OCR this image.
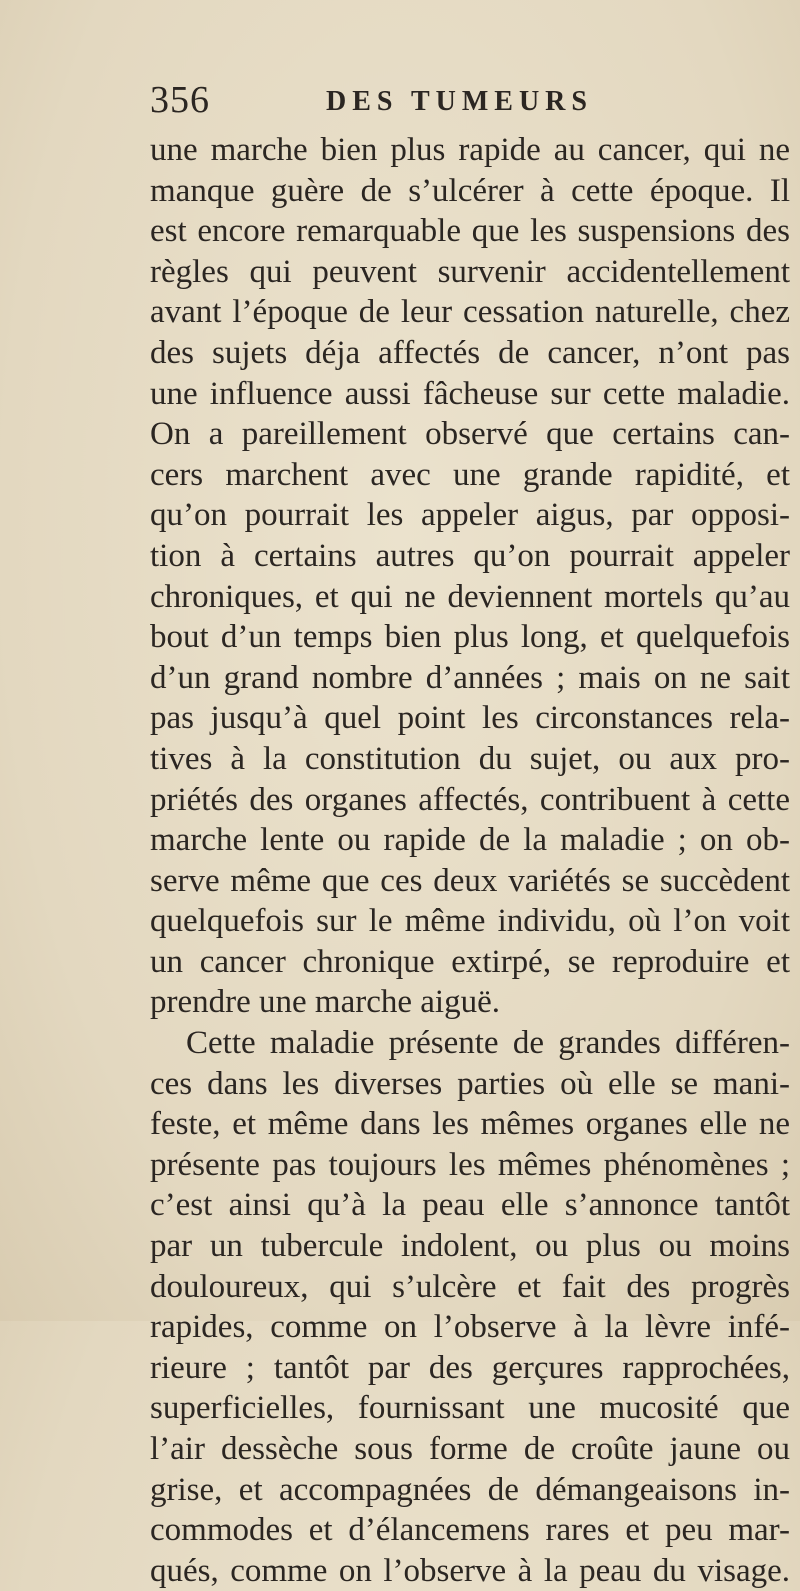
356	DES TUMEURS
une marche bien plus rapide au cancer, qui ne
manque guère de s’ulcérer à cette époque. Il
est encore remarquable que les suspensions des
règles qui peuvent survenir accidentellement
avant l’époque de leur cessation naturelle, chez
des sujets déja affectés de cancer, n’ont pas
une influence aussi fâcheuse sur cette maladie.
On a pareillement observé que certains can-
cers marchent avec une grande rapidité, et
qu’on pourrait les appeler aigus, par opposi-
tion à certains autres qu’on pourrait appeler
chroniques, et qui ne deviennent mortels qu’au
bout d’un temps bien plus long, et quelquefois
d’un grand nombre d’années ; mais on ne sait
pas jusqu’à quel point les circonstances rela-
tives à la constitution du sujet, ou aux pro-
priétés des organes affectés, contribuent à cette
marche lente ou rapide de la maladie ; on ob-
serve même que ces deux variétés se succèdent
quelquefois sur le même individu, où l’on voit
un cancer chronique extirpé, se reproduire et
prendre une marche aiguë.
Cette maladie présente de grandes différen-
ces dans les diverses parties où elle se mani-
feste, et même dans les mêmes organes elle ne
présente pas toujours les mêmes phénomènes ;
c’est ainsi qu’à la peau elle s’annonce tantôt
par un tubercule indolent, ou plus ou moins
douloureux, qui s’ulcère et fait des progrès
rapides, comme on l’observe à la lèvre infé-
rieure ; tantôt par des gerçures rapprochées,
superficielles, fournissant une mucosité que
l’air dessèche sous forme de croûte jaune ou
grise, et accompagnées de démangeaisons in-
commodes et d’élancemens rares et peu mar-
qués, comme on l’observe à la peau du visage.
